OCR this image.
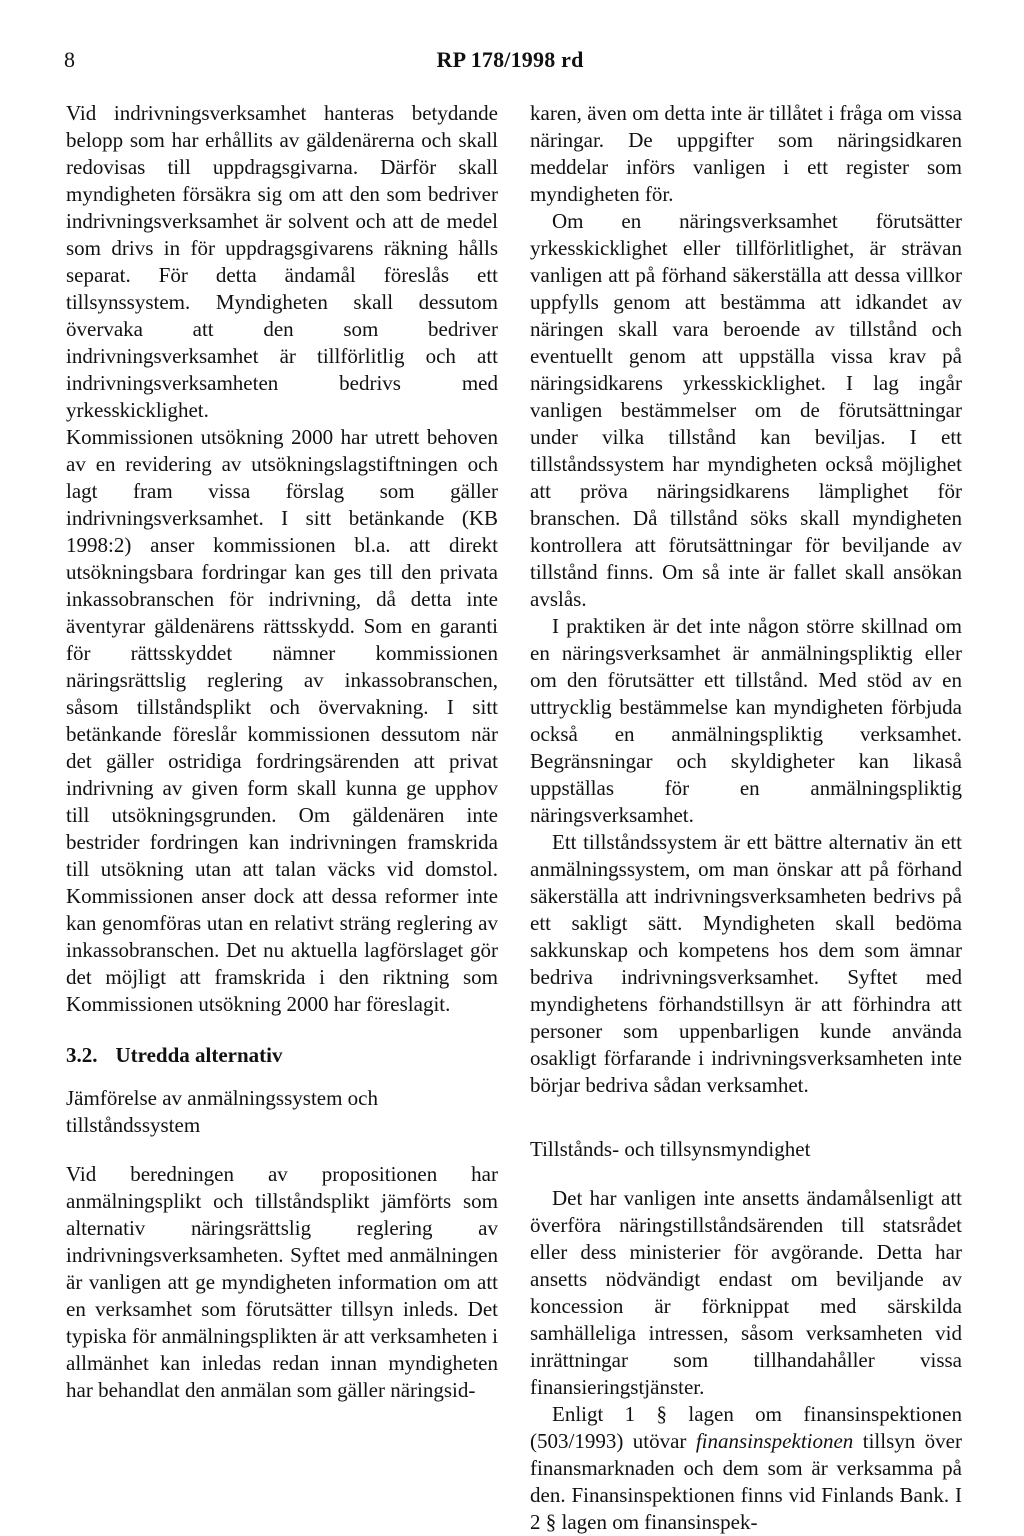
8	RP 178/1998 rd

Vid indrivningsverksamhet hanteras betydande belopp som har erhållits av gäldenärerna och skall redovisas till uppdragsgivarna. Därför skall myndigheten försäkra sig om att den som bedriver indrivningsverksamhet är solvent och att de medel som drivs in för uppdragsgivarens räkning hålls separat. För detta ändamål föreslås ett tillsynssystem. Myndigheten skall dessutom övervaka att den som bedriver indrivningsverksamhet är tillförlitlig och att indrivningsverksamheten bedrivs med yrkesskicklighet.

Kommissionen utsökning 2000 har utrett behoven av en revidering av utsökningslagstiftningen och lagt fram vissa förslag som gäller indrivningsverksamhet. I sitt betänkande (KB 1998:2) anser kommissionen bl.a. att direkt utsökningsbara fordringar kan ges till den privata inkassobranschen för indrivning, då detta inte äventyrar gäldenärens rättsskydd. Som en garanti för rättsskyddet nämner kommissionen näringsrättslig reglering av inkassobranschen, såsom tillståndsplikt och övervakning. I sitt betänkande föreslår kommissionen dessutom när det gäller ostridiga fordringsärenden att privat indrivning av given form skall kunna ge upphov till utsökningsgrunden. Om gäldenären inte bestrider fordringen kan indrivningen framskrida till utsökning utan att talan väcks vid domstol. Kommissionen anser dock att dessa reformer inte kan genomföras utan en relativt sträng reglering av inkassobranschen. Det nu aktuella lagförslaget gör det möjligt att framskrida i den riktning som Kommissionen utsökning 2000 har föreslagit.

3.2. Utredda alternativ

Jämförelse av anmälningssystem och tillståndssystem

Vid beredningen av propositionen har anmälningsplikt och tillståndsplikt jämförts som alternativ näringsrättslig reglering av indrivningsverksamheten. Syftet med anmälningen är vanligen att ge myndigheten information om att en verksamhet som förutsätter tillsyn inleds. Det typiska för anmälningsplikten är att verksamheten i allmänhet kan inledas redan innan myndigheten har behandlat den anmälan som gäller näringsid-

karen, även om detta inte är tillåtet i fråga om vissa näringar. De uppgifter som näringsidkaren meddelar införs vanligen i ett register som myndigheten för.

Om en näringsverksamhet förutsätter yrkesskicklighet eller tillförlitlighet, är strävan vanligen att på förhand säkerställa att dessa villkor uppfylls genom att bestämma att idkandet av näringen skall vara beroende av tillstånd och eventuellt genom att uppställa vissa krav på näringsidkarens yrkesskicklighet. I lag ingår vanligen bestämmelser om de förutsättningar under vilka tillstånd kan beviljas. I ett tillståndssystem har myndigheten också möjlighet att pröva näringsidkarens lämplighet för branschen. Då tillstånd söks skall myndigheten kontrollera att förutsättningar för beviljande av tillstånd finns. Om så inte är fallet skall ansökan avslås.

I praktiken är det inte någon större skillnad om en näringsverksamhet är anmälningspliktig eller om den förutsätter ett tillstånd. Med stöd av en uttrycklig bestämmelse kan myndigheten förbjuda också en anmälningspliktig verksamhet. Begränsningar och skyldigheter kan likaså uppställas för en anmälningspliktig näringsverksamhet.

Ett tillståndssystem är ett bättre alternativ än ett anmälningssystem, om man önskar att på förhand säkerställa att indrivningsverksamheten bedrivs på ett sakligt sätt. Myndigheten skall bedöma sakkunskap och kompetens hos dem som ämnar bedriva indrivningsverksamhet. Syftet med myndighetens förhandstillsyn är att förhindra att personer som uppenbarligen kunde använda osakligt förfarande i indrivningsverksamheten inte börjar bedriva sådan verksamhet.

Tillstånds- och tillsynsmyndighet

Det har vanligen inte ansetts ändamålsenligt att överföra näringstillståndsärenden till statsrådet eller dess ministerier för avgörande. Detta har ansetts nödvändigt endast om beviljande av koncession är förknippat med särskilda samhälleliga intressen, såsom verksamheten vid inrättningar som tillhandahåller vissa finansieringstjänster.

Enligt 1 § lagen om finansinspektionen (503/1993) utövar finansinspektionen tillsyn över finansmarknaden och dem som är verksamma på den. Finansinspektionen finns vid Finlands Bank. I 2 § lagen om finansinspek-
